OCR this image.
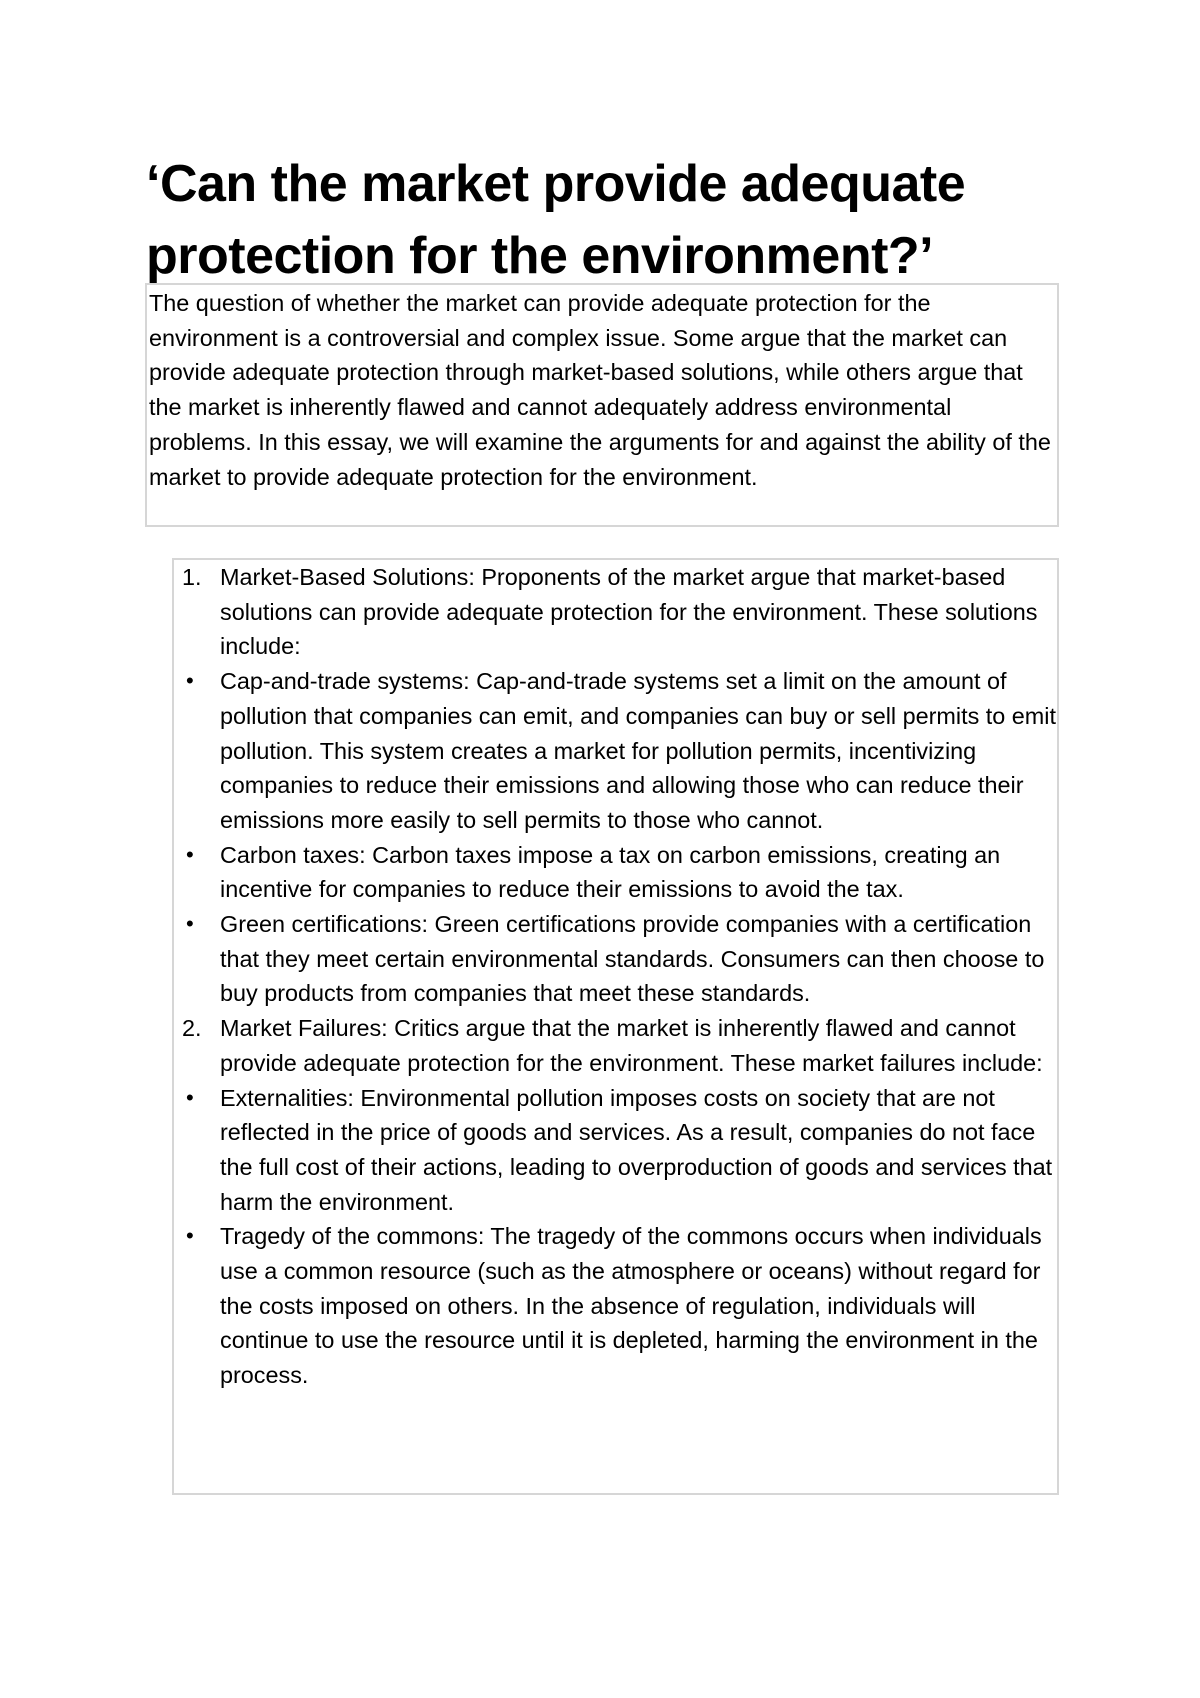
‘Can the market provide adequate protection for the environment?’

The question of whether the market can provide adequate protection for the environment is a controversial and complex issue. Some argue that the market can provide adequate protection through market-based solutions, while others argue that the market is inherently flawed and cannot adequately address environmental problems. In this essay, we will examine the arguments for and against the ability of the market to provide adequate protection for the environment.

1. Market-Based Solutions: Proponents of the market argue that market-based solutions can provide adequate protection for the environment. These solutions include:
•	Cap-and-trade systems: Cap-and-trade systems set a limit on the amount of pollution that companies can emit, and companies can buy or sell permits to emit pollution. This system creates a market for pollution permits, incentivizing companies to reduce their emissions and allowing those who can reduce their emissions more easily to sell permits to those who cannot.
•	Carbon taxes: Carbon taxes impose a tax on carbon emissions, creating an incentive for companies to reduce their emissions to avoid the tax.
•	Green certifications: Green certifications provide companies with a certification that they meet certain environmental standards. Consumers can then choose to buy products from companies that meet these standards.
2. Market Failures: Critics argue that the market is inherently flawed and cannot provide adequate protection for the environment. These market failures include:
•	Externalities: Environmental pollution imposes costs on society that are not reflected in the price of goods and services. As a result, companies do not face the full cost of their actions, leading to overproduction of goods and services that harm the environment.
•	Tragedy of the commons: The tragedy of the commons occurs when individuals use a common resource (such as the atmosphere or oceans) without regard for the costs imposed on others. In the absence of regulation, individuals will continue to use the resource until it is depleted, harming the environment in the process.
